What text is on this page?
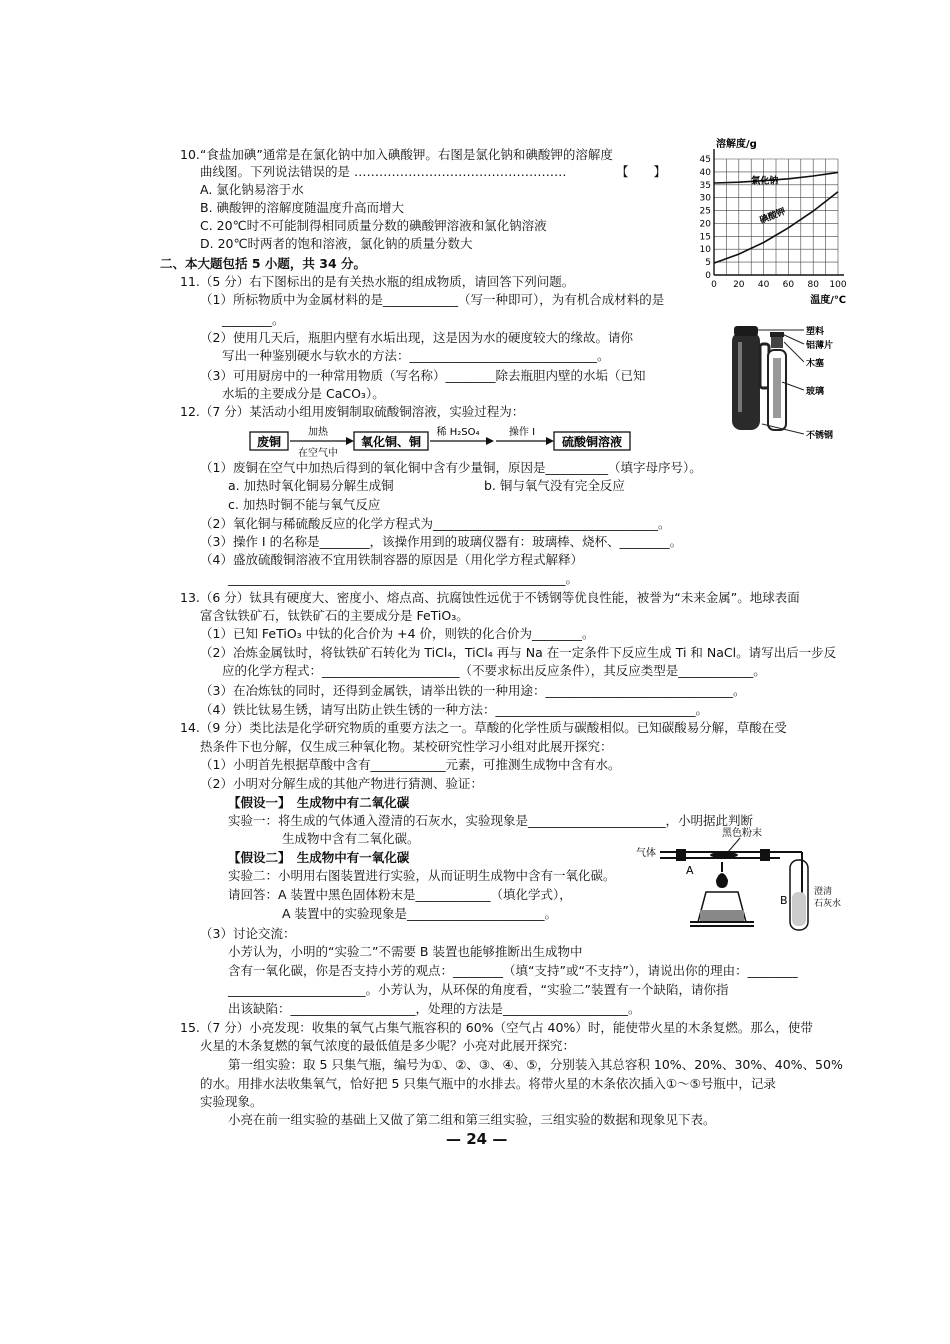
10.“食盐加碘”通常是在氯化钠中加入碘酸钾。右图是氯化钠和碘酸钾的溶解度
曲线图。下列说法错误的是 ……………………………………………	【　　】
A. 氯化钠易溶于水
B. 碘酸钾的溶解度随温度升高而增大
C. 20℃时不可能制得相同质量分数的碘酸钾溶液和氯化钠溶液
D. 20℃时两者的饱和溶液，氯化钠的质量分数大
0
5
10
15
20
25
30
35
40
45
0 20 40 60 80 100
溶解度/g
温度/℃
氯化钠
碘酸钾
二、本大题包括 5 小题，共 34 分。
11.（5 分）右下图标出的是有关热水瓶的组成物质，请回答下列问题。
（1）所标物质中为金属材料的是____________（写一种即可），为有机合成材料的是
________。
（2）使用几天后，瓶胆内壁有水垢出现，这是因为水的硬度较大的缘故。请你
写出一种鉴别硬水与软水的方法：______________________________。
（3）可用厨房中的一种常用物质（写名称）________除去瓶胆内壁的水垢（已知
水垢的主要成分是 CaCO₃）。
塑料
铝薄片
木塞
玻璃
不锈钢
12.（7 分）某活动小组用废铜制取硫酸铜溶液，实验过程为：
废铜
加热
在空气中
氧化铜、铜
稀 H₂SO₄	操作 I
硫酸铜溶液
（1）废铜在空气中加热后得到的氧化铜中含有少量铜，原因是__________（填字母序号）。
a. 加热时氧化铜易分解生成铜	b. 铜与氧气没有完全反应
c. 加热时铜不能与氧气反应
（2）氧化铜与稀硫酸反应的化学方程式为____________________________________。
（3）操作 I 的名称是________，该操作用到的玻璃仪器有：玻璃棒、烧杯、________。
（4）盛放硫酸铜溶液不宜用铁制容器的原因是（用化学方程式解释）
______________________________________________________。
13.（6 分）钛具有硬度大、密度小、熔点高、抗腐蚀性远优于不锈钢等优良性能，被誉为“未来金属”。地球表面
富含钛铁矿石，钛铁矿石的主要成分是 FeTiO₃。
（1）已知 FeTiO₃ 中钛的化合价为 +4 价，则铁的化合价为________。
（2）冶炼金属钛时，将钛铁矿石转化为 TiCl₄，TiCl₄ 再与 Na 在一定条件下反应生成 Ti 和 NaCl。请写出后一步反
应的化学方程式：______________________（不要求标出反应条件），其反应类型是____________。
（3）在冶炼钛的同时，还得到金属铁，请举出铁的一种用途：______________________________。
（4）铁比钛易生锈，请写出防止铁生锈的一种方法：________________________________。
14.（9 分）类比法是化学研究物质的重要方法之一。草酸的化学性质与碳酸相似。已知碳酸易分解，草酸在受
热条件下也分解，仅生成三种氧化物。某校研究性学习小组对此展开探究：
（1）小明首先根据草酸中含有____________元素，可推测生成物中含有水。
（2）小明对分解生成的其他产物进行猜测、验证：
【假设一】　生成物中有二氧化碳
实验一：将生成的气体通入澄清的石灰水，实验现象是______________________，小明据此判断
生成物中含有二氧化碳。
【假设二】　生成物中有一氧化碳
实验二：小明用右图装置进行实验，从而证明生成物中含有一氧化碳。
请回答：A 装置中黑色固体粉末是____________（填化学式），
A 装置中的实验现象是______________________。
（3）讨论交流：
小芳认为，小明的“实验二”不需要 B 装置也能够推断出生成物中
含有一氧化碳，你是否支持小芳的观点：________（填“支持”或“不支持”），请说出你的理由：________
______________________。小芳认为，从环保的角度看，“实验二”装置有一个缺陷，请你指
出该缺陷：____________________，处理的方法是____________________。
气体
黑色粉末
B
澄清
石灰水
A
15.（7 分）小亮发现：收集的氧气占集气瓶容积的 60%（空气占 40%）时，能使带火星的木条复燃。那么，使带
火星的木条复燃的氧气浓度的最低值是多少呢？小亮对此展开探究：
第一组实验：取 5 只集气瓶，编号为①、②、③、④、⑤，分别装入其总容积 10%、20%、30%、40%、50%
的水。用排水法收集氧气，恰好把 5 只集气瓶中的水排去。将带火星的木条依次插入①～⑤号瓶中，记录
实验现象。
小亮在前一组实验的基础上又做了第二组和第三组实验，三组实验的数据和现象见下表。
— 24 —
